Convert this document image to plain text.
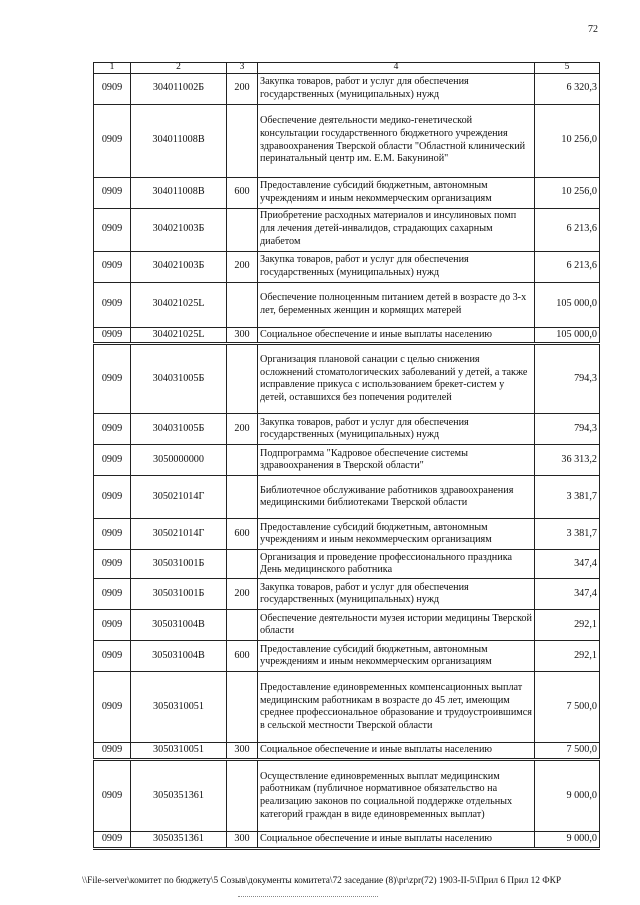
72
1	2	3	4	5
0909	304011002Б	200	Закупка товаров, работ и услуг для обеспечения государственных (муниципальных) нужд	6 320,3
0909	304011008В		Обеспечение деятельности медико-генетической консультации государственного бюджетного учреждения здравоохранения Тверской области "Областной клинический перинатальный центр им. Е.М. Бакуниной"	10 256,0
0909	304011008В	600	Предоставление субсидий бюджетным, автономным учреждениям и иным некоммерческим организациям	10 256,0
0909	304021003Б		Приобретение расходных материалов и инсулиновых помп для лечения детей-инвалидов, страдающих сахарным диабетом	6 213,6
0909	304021003Б	200	Закупка товаров, работ и услуг для обеспечения государственных (муниципальных) нужд	6 213,6
0909	304021025L		Обеспечение полноценным питанием детей в возрасте до 3-х лет, беременных женщин и кормящих матерей	105 000,0
0909	304021025L	300	Социальное обеспечение и иные выплаты населению	105 000,0
0909	304031005Б		Организация плановой санации с целью снижения осложнений стоматологических заболеваний у детей, а также исправление прикуса с использованием брекет-систем у детей, оставшихся без попечения родителей	794,3
0909	304031005Б	200	Закупка товаров, работ и услуг для обеспечения государственных (муниципальных) нужд	794,3
0909	3050000000		Подпрограмма "Кадровое обеспечение системы здравоохранения в Тверской области"	36 313,2
0909	305021014Г		Библиотечное обслуживание работников здравоохранения медицинскими библиотеками Тверской области	3 381,7
0909	305021014Г	600	Предоставление субсидий бюджетным, автономным учреждениям и иным некоммерческим организациям	3 381,7
0909	305031001Б		Организация и проведение профессионального праздника День медицинского работника	347,4
0909	305031001Б	200	Закупка товаров, работ и услуг для обеспечения государственных (муниципальных) нужд	347,4
0909	305031004В		Обеспечение деятельности музея истории медицины Тверской области	292,1
0909	305031004В	600	Предоставление субсидий бюджетным, автономным учреждениям и иным некоммерческим организациям	292,1
0909	3050310051		Предоставление единовременных компенсационных выплат медицинским работникам в возрасте до 45 лет, имеющим среднее профессиональное образование и трудоустроившимся в сельской местности Тверской области	7 500,0
0909	3050310051	300	Социальное обеспечение и иные выплаты населению	7 500,0
0909	3050351361		Осуществление единовременных выплат медицинским работникам (публичное нормативное обязательство на реализацию законов по социальной поддержке отдельных категорий граждан в виде единовременных выплат)	9 000,0
0909	3050351361	300	Социальное обеспечение и иные выплаты населению	9 000,0
\\File-server\комитет по бюджету\5 Созыв\документы комитета\72 заседание (8)\pr\zpr(72) 1903-II-5\Прил 6 Прил 12 ФКР
